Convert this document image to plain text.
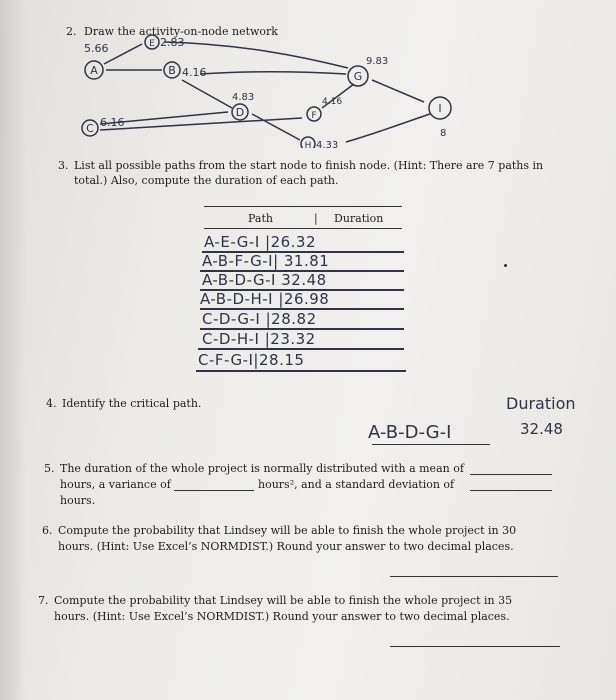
2. Draw the activity-on-node network
A
E
B
C
D
G
F
H
I
5.66	2.83
4.16
6.16
4.83
9.83
4.16
4.33
8
3. List all possible paths from the start node to finish node. (Hint: There are 7 paths in
total.) Also, compute the duration of each path.
Path	| Duration
A-E-G-I |26.32
A-B-F-G-I| 31.81
A-B-D-G-I 32.48
A-B-D-H-I |26.98
C-D-G-I |28.82
C-D-H-I |23.32
C-F-G-I|28.15
4. Identify the critical path.	Duration
A-B-D-G-I	32.48
5. The duration of the whole project is normally distributed with a mean of
hours, a variance of	hours², and a standard deviation of
hours.
6. Compute the probability that Lindsey will be able to finish the whole project in 30
hours. (Hint: Use Excel’s NORMDIST.) Round your answer to two decimal places.
7. Compute the probability that Lindsey will be able to finish the whole project in 35
hours. (Hint: Use Excel’s NORMDIST.) Round your answer to two decimal places.
